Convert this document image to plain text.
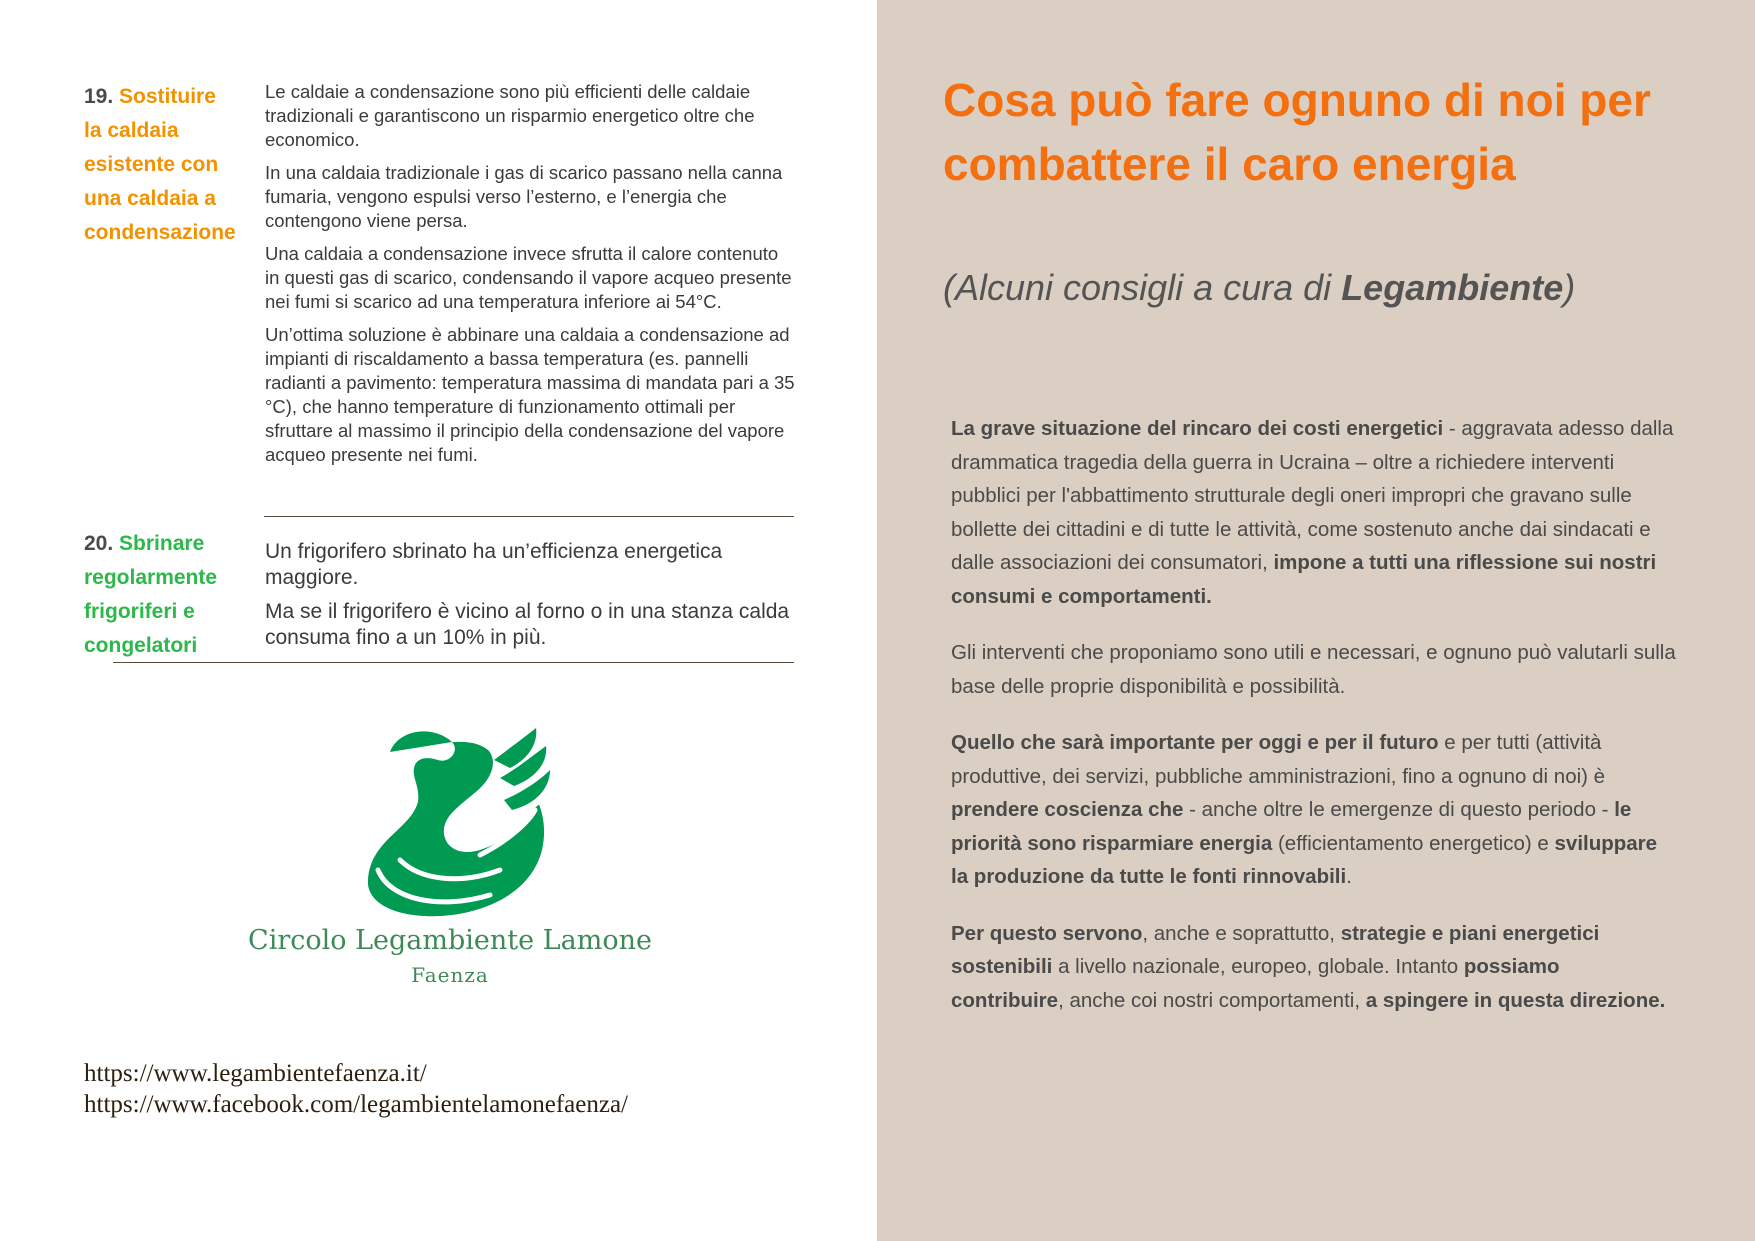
19. Sostituire la caldaia esistente con una caldaia a condensazione

Le caldaie a condensazione sono più efficienti delle caldaie tradizionali e garantiscono un risparmio energetico oltre che economico.

In una caldaia tradizionale i gas di scarico passano nella canna fumaria, vengono espulsi verso l’esterno, e l’energia che contengono viene persa.

Una caldaia a condensazione invece sfrutta il calore contenuto in questi gas di scarico, condensando il vapore acqueo presente nei fumi si scarico ad una temperatura inferiore ai 54°C.

Un’ottima soluzione è abbinare una caldaia a condensazione ad impianti di riscaldamento a bassa temperatura (es. pannelli radianti a pavimento: temperatura massima di mandata pari a 35 °C), che hanno temperature di funzionamento ottimali per sfruttare al massimo il principio della condensazione del vapore acqueo presente nei fumi.

20. Sbrinare regolarmente frigoriferi e congelatori

Un frigorifero sbrinato ha un’efficienza energetica maggiore.

Ma se il frigorifero è vicino al forno o in una stanza calda consuma fino a un 10% in più.

Circolo Legambiente Lamone
Faenza
https://www.legambientefaenza.it/
https://www.facebook.com/legambientelamonefaenza/
Cosa può fare ognuno di noi per combattere il caro energia

(Alcuni consigli a cura di Legambiente)

La grave situazione del rincaro dei costi energetici - aggravata adesso dalla drammatica tragedia della guerra in Ucraina – oltre a richiedere interventi pubblici per l'abbattimento strutturale degli oneri impropri che gravano sulle bollette dei cittadini e di tutte le attività, come sostenuto anche dai sindacati e dalle associazioni dei consumatori, impone a tutti una riflessione sui nostri consumi e comportamenti.

Gli interventi che proponiamo sono utili e necessari, e ognuno può valutarli sulla base delle proprie disponibilità e possibilità.

Quello che sarà importante per oggi e per il futuro e per tutti (attività produttive, dei servizi, pubbliche amministrazioni, fino a ognuno di noi) è prendere coscienza che - anche oltre le emergenze di questo periodo - le priorità sono risparmiare energia (efficientamento energetico) e sviluppare la produzione da tutte le fonti rinnovabili.

Per questo servono, anche e soprattutto, strategie e piani energetici sostenibili a livello nazionale, europeo, globale. Intanto possiamo contribuire, anche coi nostri comportamenti, a spingere in questa direzione.
